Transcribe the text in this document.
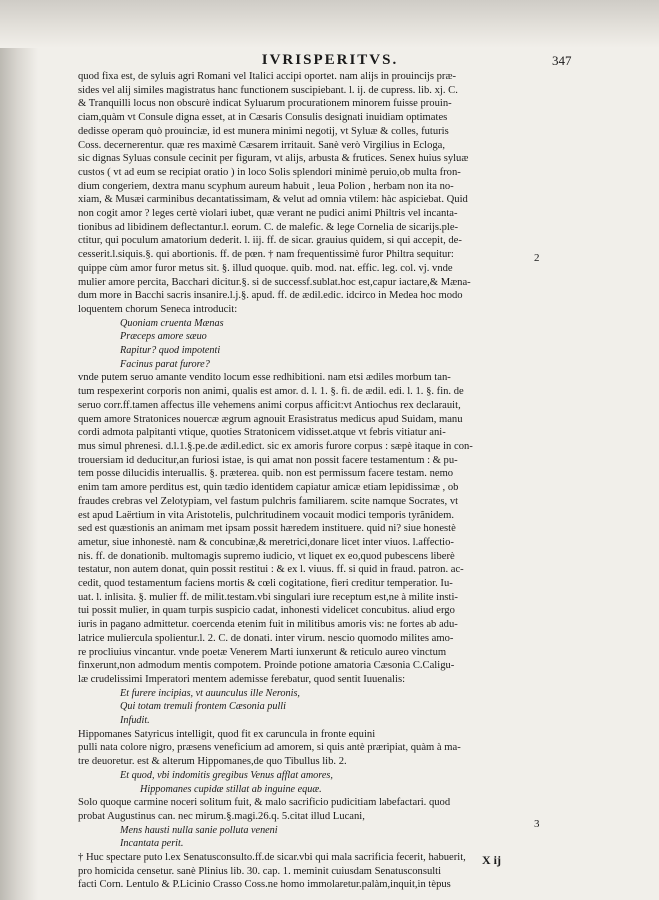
IVRISPERITVS.	347
quod fixa est, de syluis agri Romani vel Italici accipi oportet. nam alijs in prouincijs præ-
sides vel alij similes magistratus hanc functionem suscipiebant. l. ij. de cupress. lib. xj. C.
& Tranquilli locus non obscurè indicat Syluarum procurationem minorem fuisse prouin-
ciam,quàm vt Consule digna esset, at in Cæsaris Consulis designati inuidiam optimates
dedisse operam quò prouinciæ, id est munera minimi negotij, vt Syluæ & colles, futuris
Coss. decernerentur. quæ res maximè Cæsarem irritauit. Sanè verò Virgilius in Ecloga,
sic dignas Syluas consule cecinit per figuram, vt alijs, arbusta & frutices. Senex huius syluæ
custos ( vt ad eum se recipiat oratio ) in loco Solis splendori minimè peruio,ob multa fron-
dium congeriem, dextra manu scyphum aureum habuit , leua Polion , herbam non ita no-
xiam, & Musæi carminibus decantatissimam, & velut ad omnia vtilem: hàc aspiciebat. Quid
non cogit amor ? leges certè violari iubet, quæ verant ne pudici animi Philtris vel incanta-
tionibus ad libidinem deflectantur.l. eorum. C. de malefic. & lege Cornelia de sicarijs.ple-
ctitur, qui poculum amatorium dederit. l. iij. ff. de sicar. grauius quidem, si qui accepit, de-
cesserit.l.siquis.§. qui abortionis. ff. de pœn. † nam frequentissimè furor Philtra sequitur:
quippe cùm amor furor metus sit. §. illud quoque. quib. mod. nat. effic. leg. col. vj. vnde
mulier amore percita, Bacchari dicitur.§. si de successf.sublat.hoc est,capur iactare,& Mæna-
dum more in Bacchi sacris insanire.l.j.§. apud. ff. de ædil.edic. idcirco in Medea hoc modo
loquentem chorum Seneca introducit:
Quoniam cruenta Mænas
Præceps amore sæuo
Rapitur? quod impotenti
Facinus parat furore?
vnde putem seruo amante vendito locum esse redhibitioni. nam etsi ædiles morbum tan-
tum respexerint corporis non animi, qualis est amor. d. l. 1. §. fi. de ædil. edi. l. 1. §. fin. de
seruo corr.ff.tamen affectus ille vehemens animi corpus afficit:vt Antiochus rex declarauit,
quem amore Stratonices nouercæ ægrum agnouit Erasistratus medicus apud Suidam, manu
cordi admota palpitanti vtique, quoties Stratonicem vidisset.atque vt febris vitiatur ani-
mus simul phrenesi. d.l.1.§.pe.de ædil.edict. sic ex amoris furore corpus : sæpè itaque in con-
trouersiam id deducitur,an furiosi istae, is qui amat non possit facere testamentum : & pu-
tem posse dilucidis interuallis. §. præterea. quib. non est permissum facere testam. nemo
enim tam amore perditus est, quin tædio identidem capiatur amicæ etiam lepidissimæ , ob
fraudes crebras vel Zelotypiam, vel fastum pulchris familiarem. scite namque Socrates, vt
est apud Laërtium in vita Aristotelis, pulchritudinem vocauit modici temporis tyrãnidem.
sed est quæstionis an animam met ipsam possit hæredem instituere. quid ni? siue honestè
ametur, siue inhonestè. nam & concubinæ,& meretrici,donare licet inter viuos. l.affectio-
nis. ff. de donationib. multomagis supremo iudicio, vt liquet ex eo,quod pubescens liberè
testatur, non autem donat, quin possit restitui : & ex l. viuus. ff. si quid in fraud. patron. ac-
cedit, quod testamentum faciens mortis & cœli cogitatione, fieri creditur temperatior. Iu-
uat. l. inlisita. §. mulier ff. de milit.testam.vbi singulari iure receptum est,ne à milite insti-
tui possit mulier, in quam turpis suspicio cadat, inhonesti videlicet concubitus. aliud ergo
iuris in pagano admittetur. coercenda etenim fuit in militibus amoris vis: ne fortes ab adu-
latrice muliercula spolientur.l. 2. C. de donati. inter virum. nescio quomodo milites amo-
re procliuius vincantur. vnde poetæ Venerem Marti iunxerunt & reticulo aureo vinctum
finxerunt,non admodum mentis compotem. Proinde potione amatoria Cæsonia C.Caligu-
læ crudelissimi Imperatori mentem ademisse ferebatur, quod sentit Iuuenalis:
Et furere incipias, vt auunculus ille Neronis,
Qui totam tremuli frontem Cæsonia pulli
Infudit.
Hippomanes Satyricus intelligit, quod fit ex caruncula in fronte equini
pulli nata colore nigro, præsens veneficium ad amorem, si quis antè præripiat, quàm à ma-
tre deuoretur. est & alterum Hippomanes,de quo Tibullus lib. 2.
Et quod, vbi indomitis gregibus Venus afflat amores,
Hippomanes cupidæ stillat ab inguine equæ.
Solo quoque carmine noceri solitum fuit, & malo sacrificio pudicitiam labefactari. quod
probat Augustinus can. nec mirum.§.magi.26.q. 5.citat illud Lucani,
Mens hausti nulla sanie polluta veneni
Incantata perit.
† Huc spectare puto l.ex Senatusconsulto.ff.de sicar.vbi qui mala sacrificia fecerit, habuerit,
pro homicida censetur. sanè Plinius lib. 30. cap. 1. meminit cuiusdam Senatusconsulti
facti Corn. Lentulo & P.Licinio Crasso Coss.ne homo immolaretur.palàm,inquit,in tèpus
2
3
X ij
